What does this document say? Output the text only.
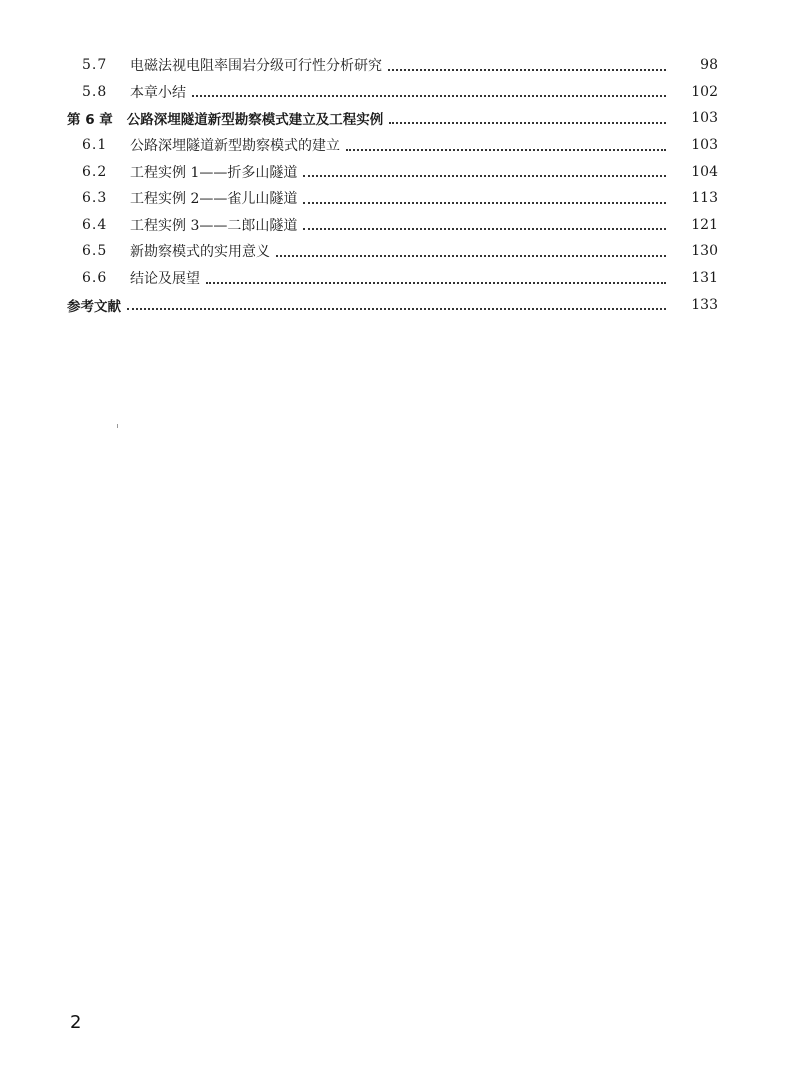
5.7	电磁法视电阻率围岩分级可行性分析研究	98
5.8	本章小结	102
第 6 章 公路深埋隧道新型勘察模式建立及工程实例	103
6.1	公路深埋隧道新型勘察模式的建立	103
6.2	工程实例 1——折多山隧道	104
6.3	工程实例 2——雀儿山隧道	113
6.4	工程实例 3——二郎山隧道	121
6.5	新勘察模式的实用意义	130
6.6	结论及展望	131
参考文献	133
2
